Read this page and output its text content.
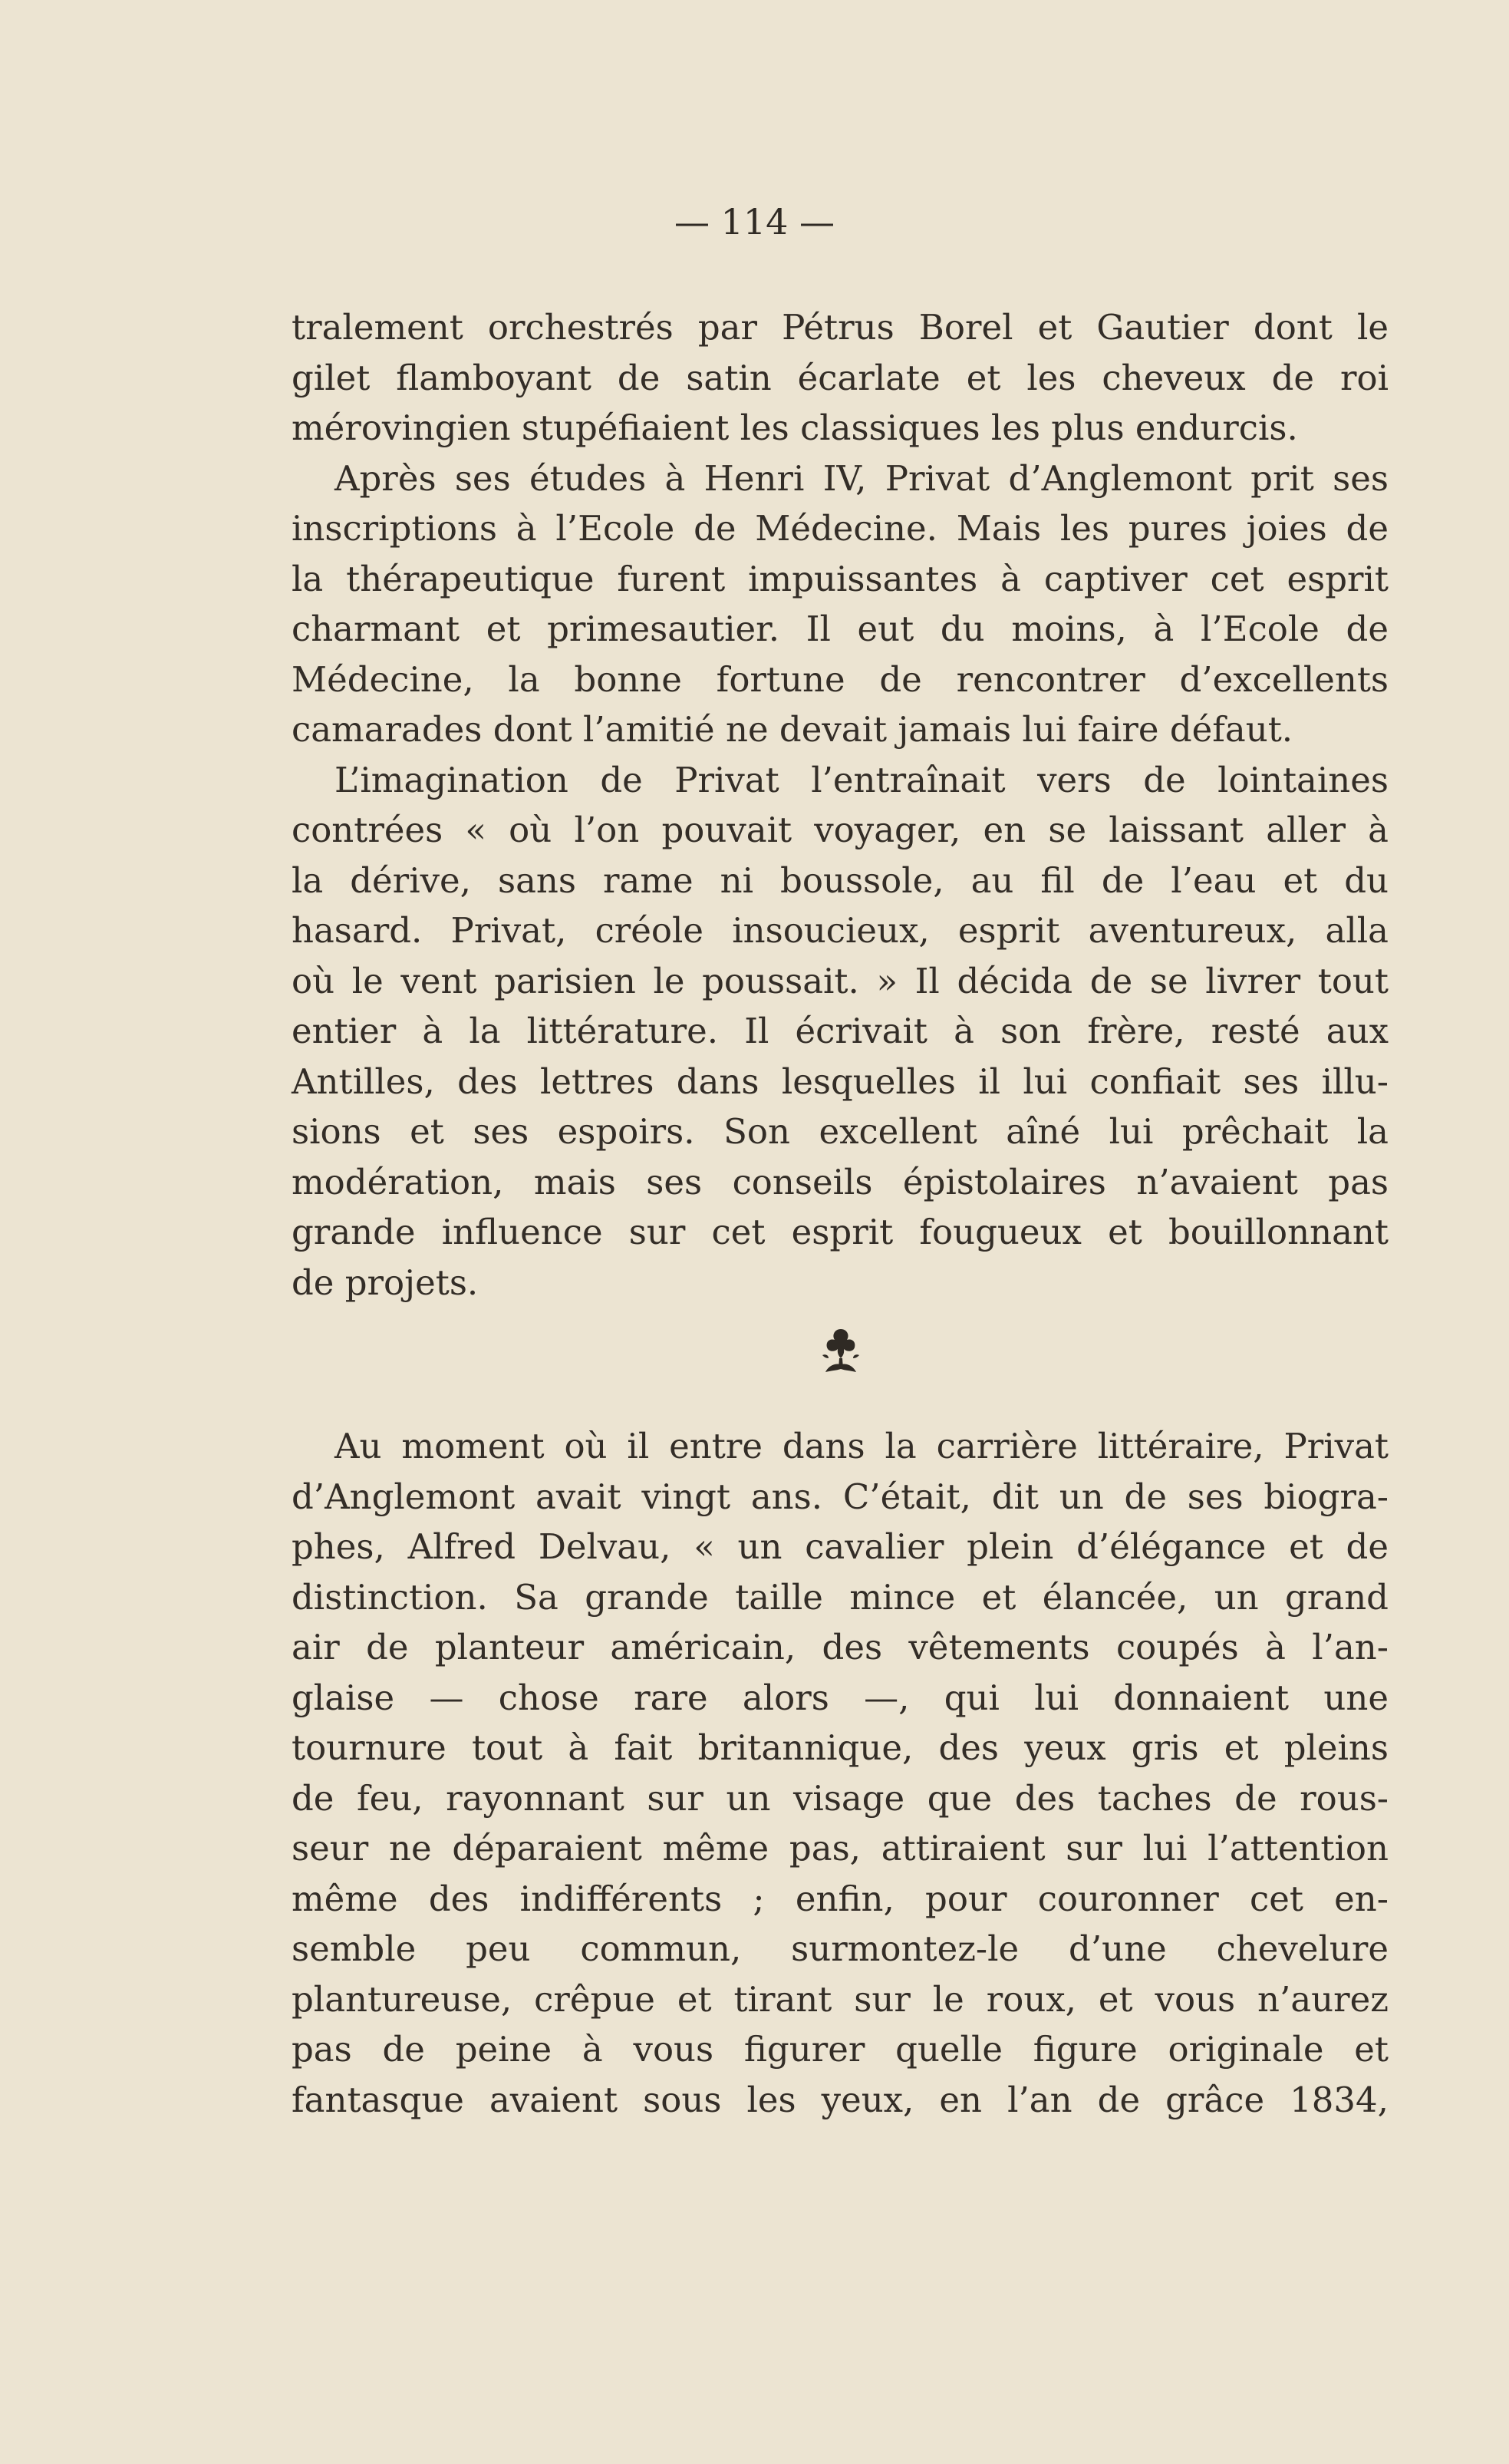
— 114 —
tralement orchestrés par Pétrus Borel et Gautier dont le
gilet flamboyant de satin écarlate et les cheveux de roi
mérovingien stupéfiaient les classiques les plus endurcis.
Après ses études à Henri IV, Privat d’Anglemont prit ses
inscriptions à l’Ecole de Médecine. Mais les pures joies de
la thérapeutique furent impuissantes à captiver cet esprit
charmant et primesautier. Il eut du moins, à l’Ecole de
Médecine, la bonne fortune de rencontrer d’excellents
camarades dont l’amitié ne devait jamais lui faire défaut.
L’imagination de Privat l’entraînait vers de lointaines
contrées « où l’on pouvait voyager, en se laissant aller à
la dérive, sans rame ni boussole, au fil de l’eau et du
hasard. Privat, créole insoucieux, esprit aventureux, alla
où le vent parisien le poussait. » Il décida de se livrer tout
entier à la littérature. Il écrivait à son frère, resté aux
Antilles, des lettres dans lesquelles il lui confiait ses illu-
sions et ses espoirs. Son excellent aîné lui prêchait la
modération, mais ses conseils épistolaires n’avaient pas
grande influence sur cet esprit fougueux et bouillonnant
de projets.
Au moment où il entre dans la carrière littéraire, Privat
d’Anglemont avait vingt ans. C’était, dit un de ses biogra-
phes, Alfred Delvau, « un cavalier plein d’élégance et de
distinction. Sa grande taille mince et élancée, un grand
air de planteur américain, des vêtements coupés à l’an-
glaise — chose rare alors —, qui lui donnaient une
tournure tout à fait britannique, des yeux gris et pleins
de feu, rayonnant sur un visage que des taches de rous-
seur ne déparaient même pas, attiraient sur lui l’attention
même des indifférents ; enfin, pour couronner cet en-
semble peu commun, surmontez-le d’une chevelure
plantureuse, crêpue et tirant sur le roux, et vous n’aurez
pas de peine à vous figurer quelle figure originale et
fantasque avaient sous les yeux, en l’an de grâce 1834,
